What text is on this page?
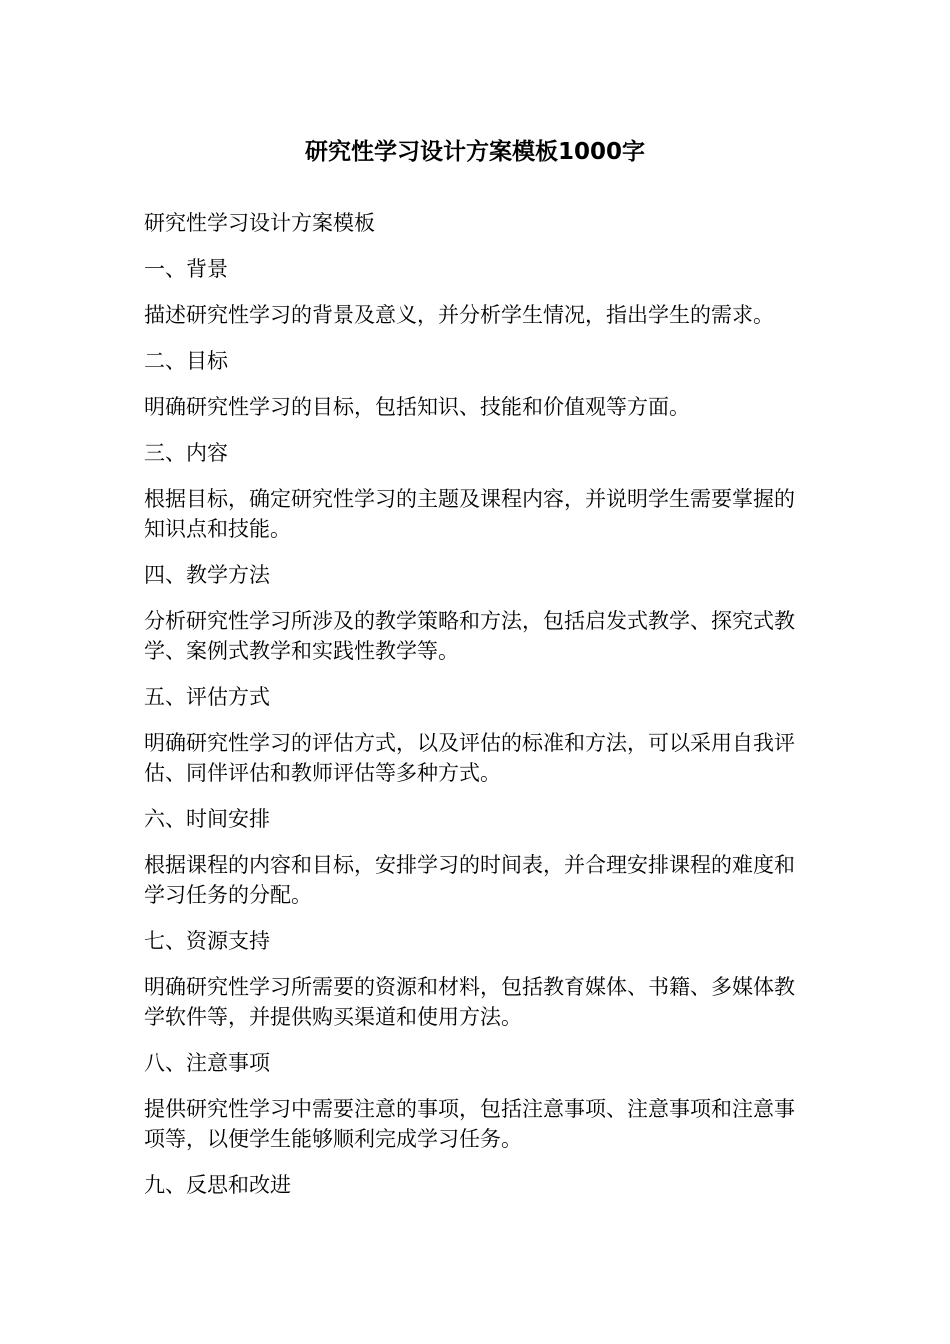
研究性学习设计方案模板1000字

研究性学习设计方案模板

一、背景

描述研究性学习的背景及意义，并分析学生情况，指出学生的需求。

二、目标

明确研究性学习的目标，包括知识、技能和价值观等方面。

三、内容

根据目标，确定研究性学习的主题及课程内容，并说明学生需要掌握的知识点和技能。

四、教学方法

分析研究性学习所涉及的教学策略和方法，包括启发式教学、探究式教学、案例式教学和实践性教学等。

五、评估方式

明确研究性学习的评估方式，以及评估的标准和方法，可以采用自我评估、同伴评估和教师评估等多种方式。

六、时间安排

根据课程的内容和目标，安排学习的时间表，并合理安排课程的难度和学习任务的分配。

七、资源支持

明确研究性学习所需要的资源和材料，包括教育媒体、书籍、多媒体教学软件等，并提供购买渠道和使用方法。

八、注意事项

提供研究性学习中需要注意的事项，包括注意事项、注意事项和注意事项等，以便学生能够顺利完成学习任务。

九、反思和改进
